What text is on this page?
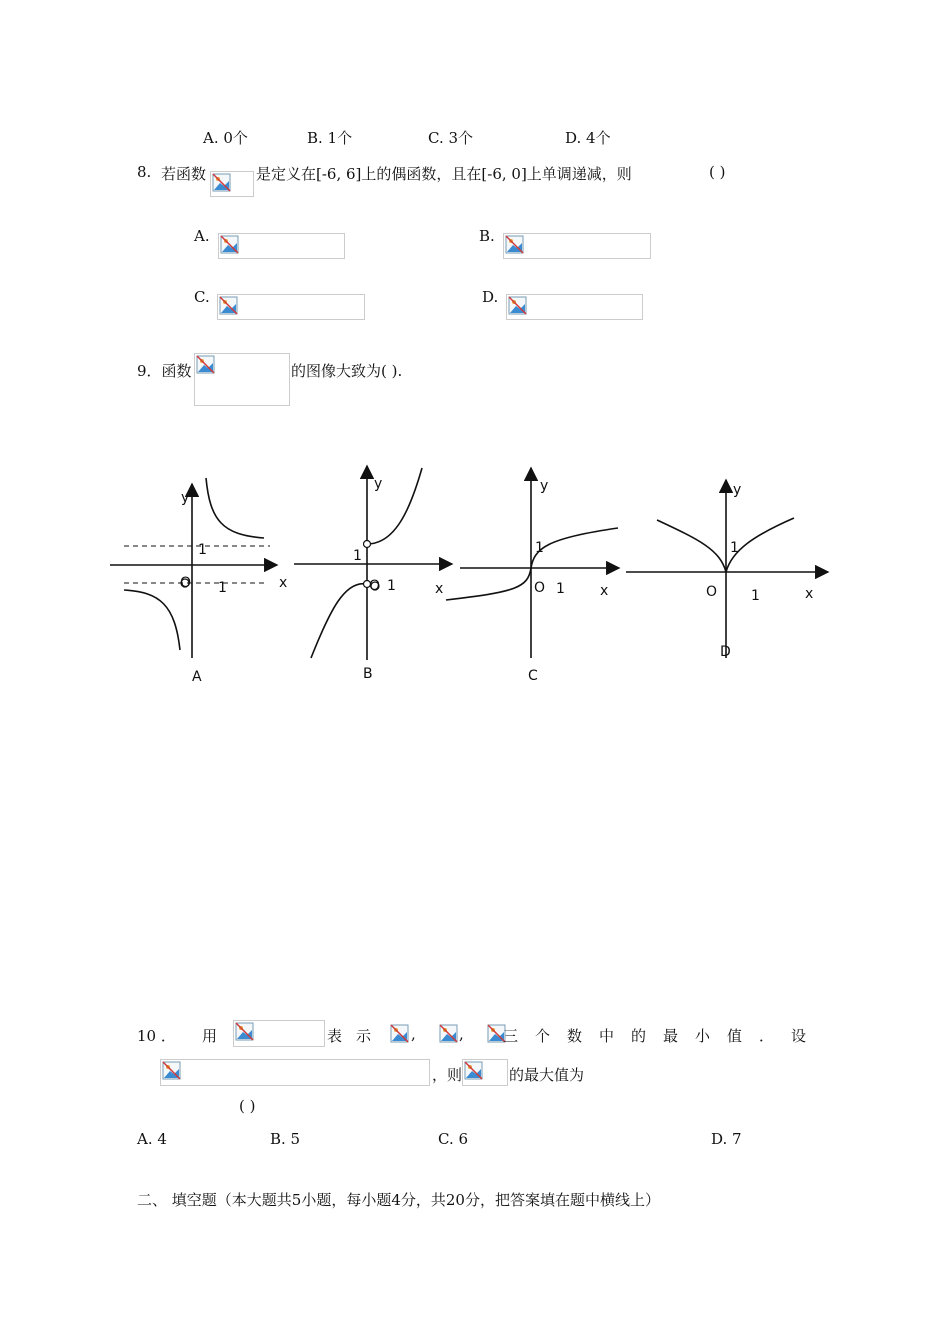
A. 0个	B. 1个	C. 3个	D. 4个
8. 若函数	是定义在[-6, 6]上的偶函数，且在[-6, 0]上单调递减，则	( )
A.	B.
C.	D.
9．函数	的图像大致为( ).
y
1
O 1	x
A
y
1
O 1	x
B
y
1
O 1	x
C
y
1
O 1	x
D
10 ． 用	表示 ,	,	三个数中的最小值．设
，则	的最大值为
( )
A. 4	B. 5	C. 6	D. 7
二、 填空题（本大题共5小题，每小题4分，共20分，把答案填在题中横线上）
